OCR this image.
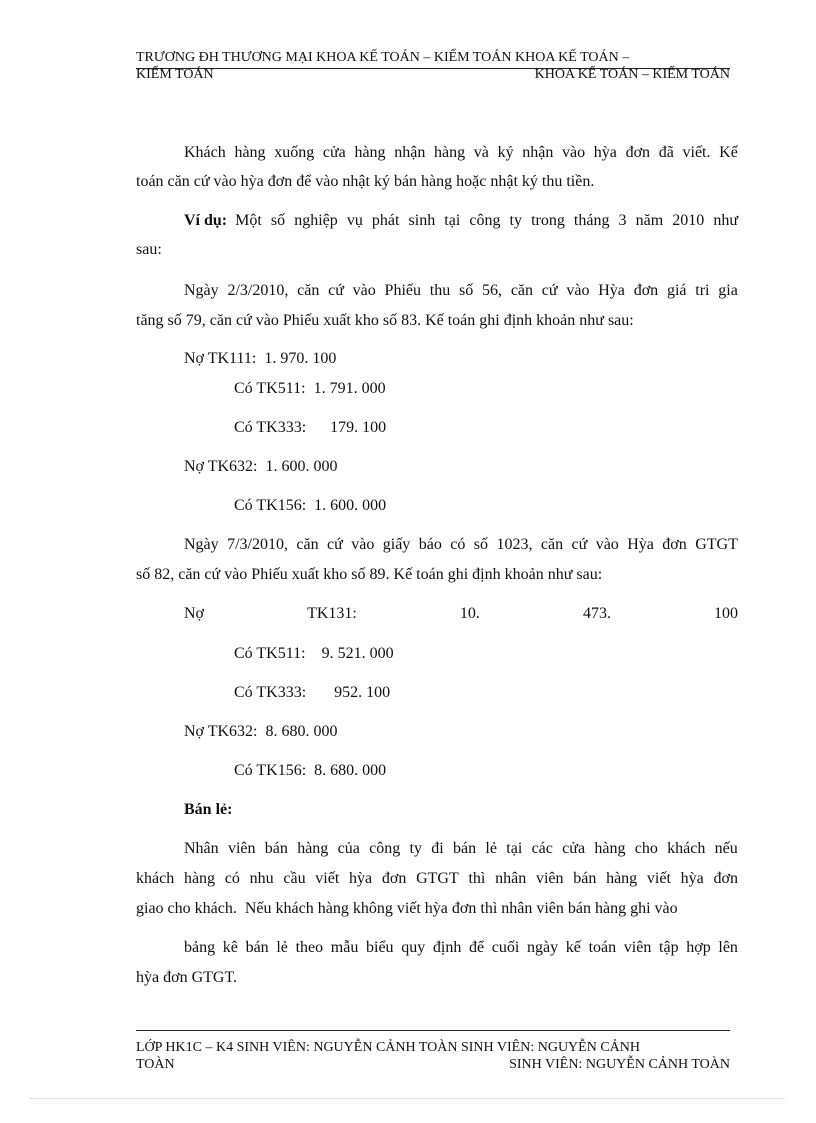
TRƯƠNG ĐH THƯƠNG MẠI KHOA KẾ TOÁN – KIỂM TOÁN KHOA KẾ TOÁN –
KIỂM TOÁN	KHOA KẾ TOÁN – KIỂM TOÁN
Khách hàng xuống cửa hàng nhận hàng và ký nhận vào hỳa đơn đã viết. Kế
toán căn cứ vào hỳa đơn để vào nhật ký bán hàng hoặc nhật ký thu tiền.
Ví dụ: Một số nghiệp vụ phát sinh tại công ty trong tháng 3 năm 2010 như
sau:
Ngày 2/3/2010, căn cứ vào Phiếu thu số 56, căn cứ vào Hỳa đơn giá tri gia
tăng số 79, căn cứ vào Phiếu xuất kho số 83. Kế toán ghi định khoản như sau:
Nợ TK111:  1. 970. 100
Có TK511:  1. 791. 000
Có TK333:      179. 100
Nợ TK632:  1. 600. 000
Có TK156:  1. 600. 000
Ngày 7/3/2010, căn cứ vào giấy báo có số 1023, căn cứ vào Hỳa đơn GTGT
số 82, căn cứ vào Phiếu xuất kho số 89. Kế toán ghi định khoản như sau:
Nợ	TK131:	10.	473.	100
Có TK511:    9. 521. 000
Có TK333:       952. 100
Nợ TK632:  8. 680. 000
Có TK156:  8. 680. 000
Bán lẻ:
Nhân viên bán hàng của công ty đi bán lẻ tại các cửa hàng cho khách nếu
khách hàng có nhu cầu viết hỳa đơn GTGT thì nhân viên bán hàng viết hỳa đơn
giao cho khách.  Nếu khách hàng không viết hỳa đơn thì nhân viên bán hàng ghi vào
bảng kê bán lẻ theo mẫu biểu quy định để cuối ngày kế toán viên tập hợp lên
hỳa đơn GTGT.
LỚP HK1C – K4 SINH VIÊN: NGUYỄN CẢNH TOÀN SINH VIÊN: NGUYỄN CẢNH
TOÀN	SINH VIÊN: NGUYỄN CẢNH TOÀN
